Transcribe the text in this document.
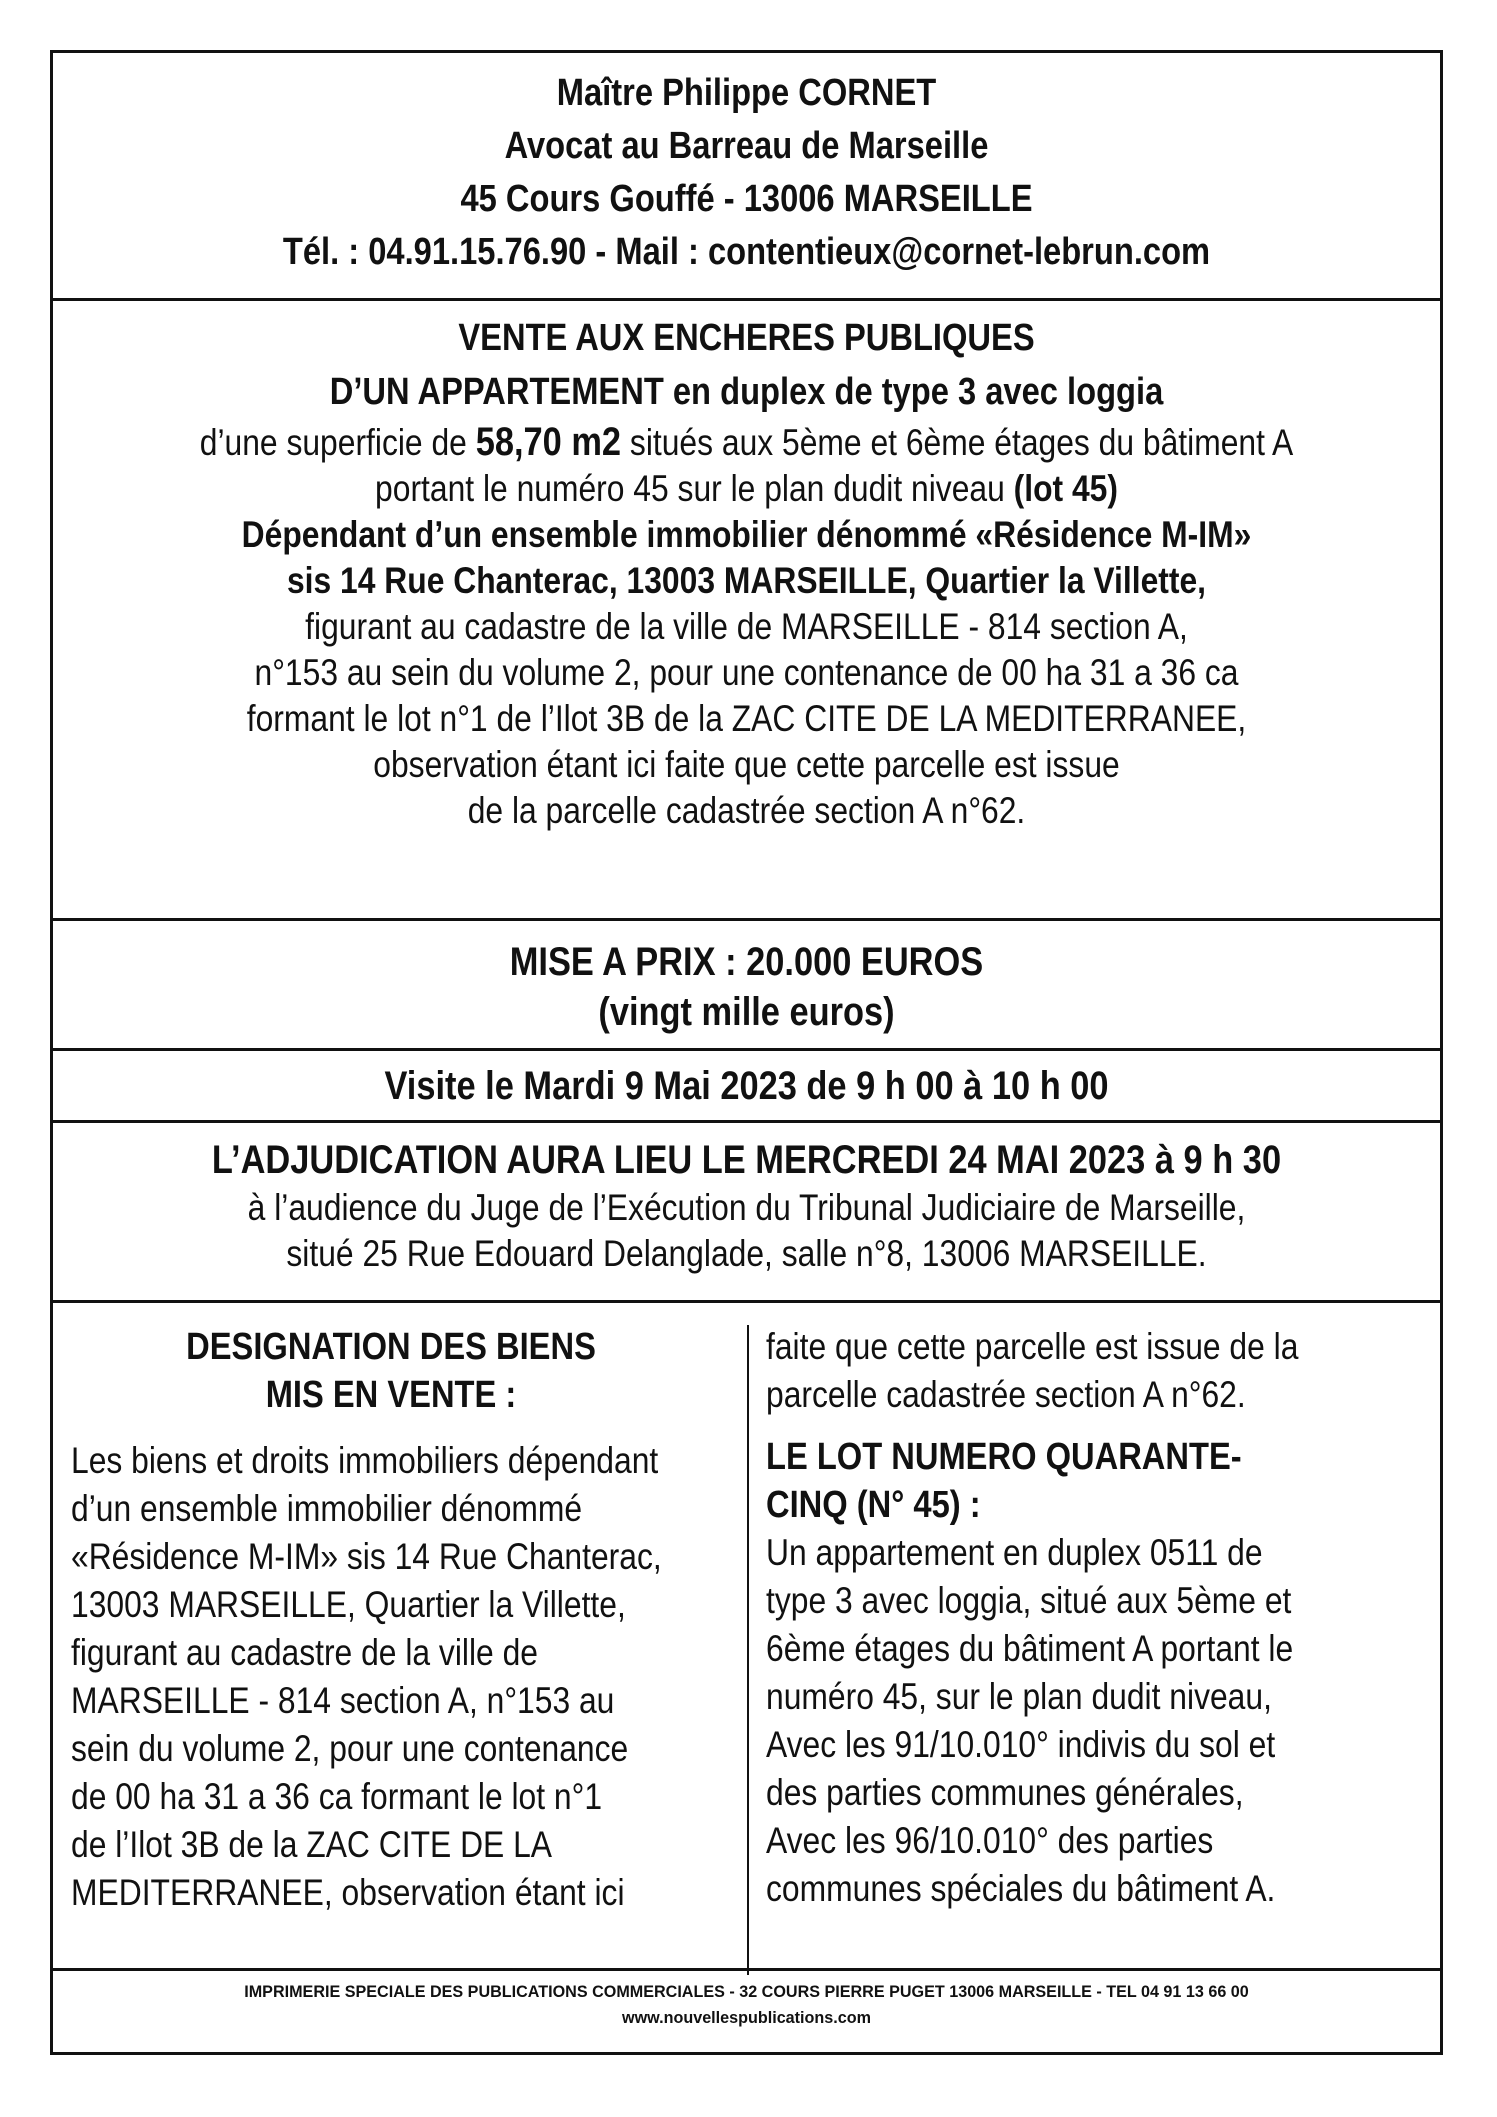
Maître Philippe CORNET
Avocat au Barreau de Marseille
45 Cours Gouffé - 13006 MARSEILLE
Tél. : 04.91.15.76.90 - Mail : contentieux@cornet-lebrun.com
VENTE AUX ENCHERES PUBLIQUES
D’UN APPARTEMENT en duplex de type 3 avec loggia
d’une superficie de 58,70 m2 situés aux 5ème et 6ème étages du bâtiment A
portant le numéro 45 sur le plan dudit niveau (lot 45)
Dépendant d’un ensemble immobilier dénommé «Résidence M-IM»
sis 14 Rue Chanterac, 13003 MARSEILLE, Quartier la Villette,
figurant au cadastre de la ville de MARSEILLE - 814 section A,
n°153 au sein du volume 2, pour une contenance de 00 ha 31 a 36 ca
formant le lot n°1 de l’Ilot 3B de la ZAC CITE DE LA MEDITERRANEE,
observation étant ici faite que cette parcelle est issue
de la parcelle cadastrée section A n°62.
MISE A PRIX : 20.000 EUROS
(vingt mille euros)
Visite le Mardi 9 Mai 2023 de 9 h 00 à 10 h 00
L’ADJUDICATION AURA LIEU LE MERCREDI 24 MAI 2023 à 9 h 30
à l’audience du Juge de l’Exécution du Tribunal Judiciaire de Marseille,
situé 25 Rue Edouard Delanglade, salle n°8, 13006 MARSEILLE.
DESIGNATION DES BIENS
MIS EN VENTE :
Les biens et droits immobiliers dépendant
d’un ensemble immobilier dénommé
«Résidence M-IM» sis 14 Rue Chanterac,
13003 MARSEILLE, Quartier la Villette,
figurant au cadastre de la ville de
MARSEILLE - 814 section A, n°153 au
sein du volume 2, pour une contenance
de 00 ha 31 a 36 ca formant le lot n°1
de l’Ilot 3B de la ZAC CITE DE LA
MEDITERRANEE, observation étant ici
faite que cette parcelle est issue de la
parcelle cadastrée section A n°62.
LE LOT NUMERO QUARANTE-
CINQ (N° 45) :
Un appartement en duplex 0511 de
type 3 avec loggia, situé aux 5ème et
6ème étages du bâtiment A portant le
numéro 45, sur le plan dudit niveau,
Avec les 91/10.010° indivis du sol et
des parties communes générales,
Avec les 96/10.010° des parties
communes spéciales du bâtiment A.
IMPRIMERIE SPECIALE DES PUBLICATIONS COMMERCIALES - 32 COURS PIERRE PUGET 13006 MARSEILLE - TEL 04 91 13 66 00
www.nouvellespublications.com
